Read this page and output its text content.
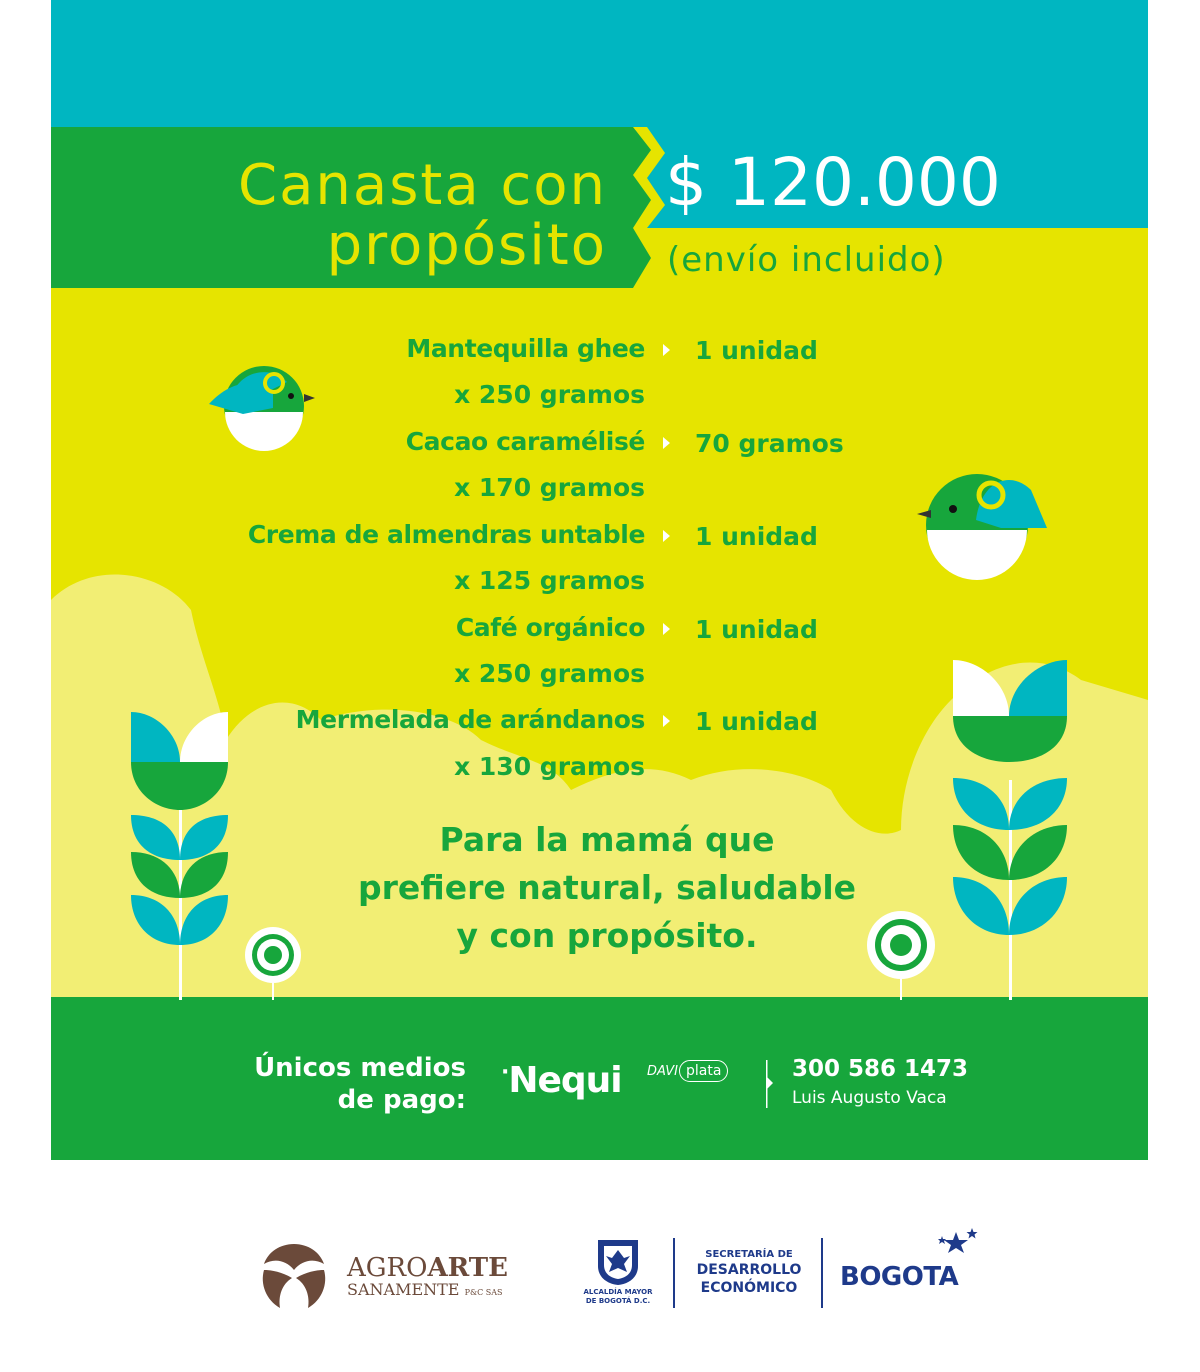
Canasta con
propósito
$ 120.000
(envío incluido)
Mantequilla ghee 1 unidad
x 250 gramos
Cacao caramélisé 70 gramos
x 170 gramos
Crema de almendras untable 1 unidad
x 125 gramos
Café orgánico 1 unidad
x 250 gramos
Mermelada de arándanos 1 unidad
x 130 gramos
Para la mamá que
prefiere natural, saludable
y con propósito.
Únicos medios
de pago:
·Nequi DAVI plata	300 586 1473
Luis Augusto Vaca
AGROARTE
SANAMENTE P&C SAS	ALCALDÍA MAYOR
DE BOGOTÁ D.C.
SECRETARÍA DE
DESARROLLO
ECONÓMICO	BOGOTA
